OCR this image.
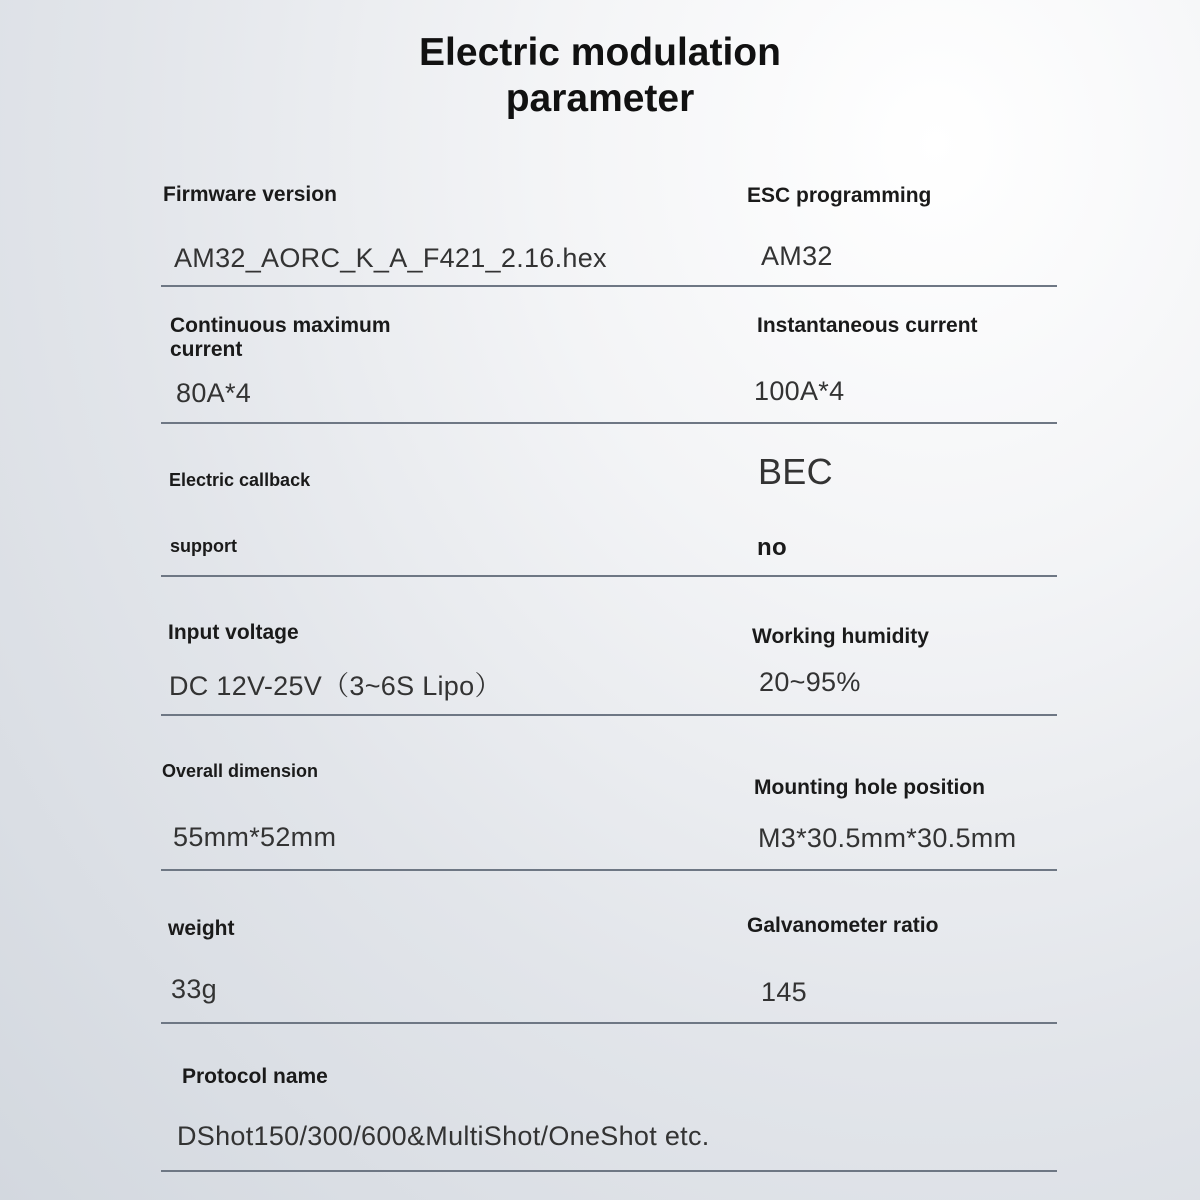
Electric modulation
parameter
Firmware version
AM32_AORC_K_A_F421_2.16.hex
ESC programming
AM32
Continuous maximum
current
80A*4
Instantaneous current
100A*4
Electric callback
support
BEC
no
Input voltage
DC 12V-25V（3~6S Lipo）
Working humidity
20~95%
Overall dimension
55mm*52mm
Mounting hole position
M3*30.5mm*30.5mm
weight
33g
Galvanometer ratio
145
Protocol name
DShot150/300/600&MultiShot/OneShot etc.
